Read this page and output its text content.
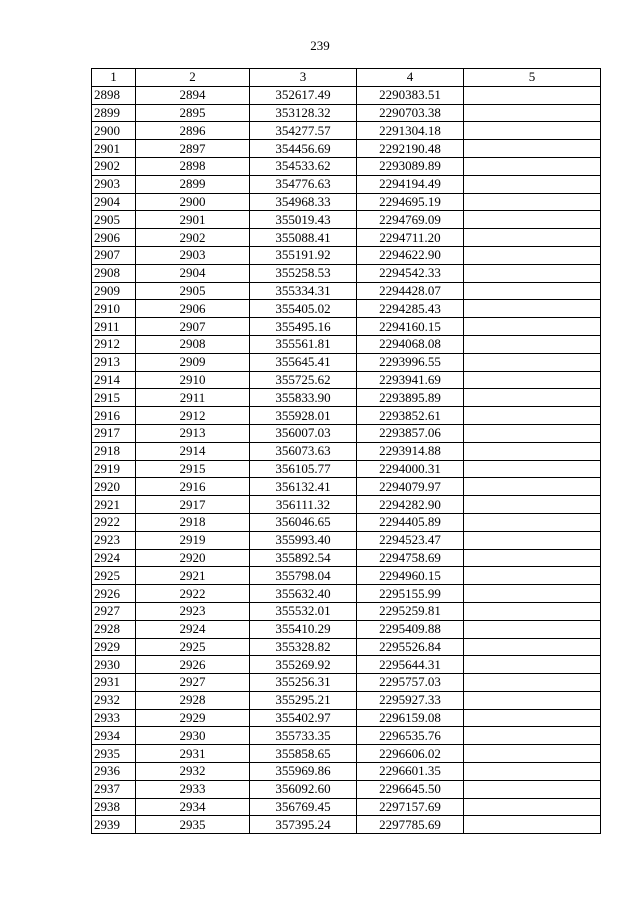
239
1	2	3	4	5
2898	2894	352617.49	2290383.51	
2899	2895	353128.32	2290703.38	
2900	2896	354277.57	2291304.18	
2901	2897	354456.69	2292190.48	
2902	2898	354533.62	2293089.89	
2903	2899	354776.63	2294194.49	
2904	2900	354968.33	2294695.19	
2905	2901	355019.43	2294769.09	
2906	2902	355088.41	2294711.20	
2907	2903	355191.92	2294622.90	
2908	2904	355258.53	2294542.33	
2909	2905	355334.31	2294428.07	
2910	2906	355405.02	2294285.43	
2911	2907	355495.16	2294160.15	
2912	2908	355561.81	2294068.08	
2913	2909	355645.41	2293996.55	
2914	2910	355725.62	2293941.69	
2915	2911	355833.90	2293895.89	
2916	2912	355928.01	2293852.61	
2917	2913	356007.03	2293857.06	
2918	2914	356073.63	2293914.88	
2919	2915	356105.77	2294000.31	
2920	2916	356132.41	2294079.97	
2921	2917	356111.32	2294282.90	
2922	2918	356046.65	2294405.89	
2923	2919	355993.40	2294523.47	
2924	2920	355892.54	2294758.69	
2925	2921	355798.04	2294960.15	
2926	2922	355632.40	2295155.99	
2927	2923	355532.01	2295259.81	
2928	2924	355410.29	2295409.88	
2929	2925	355328.82	2295526.84	
2930	2926	355269.92	2295644.31	
2931	2927	355256.31	2295757.03	
2932	2928	355295.21	2295927.33	
2933	2929	355402.97	2296159.08	
2934	2930	355733.35	2296535.76	
2935	2931	355858.65	2296606.02	
2936	2932	355969.86	2296601.35	
2937	2933	356092.60	2296645.50	
2938	2934	356769.45	2297157.69	
2939	2935	357395.24	2297785.69	
